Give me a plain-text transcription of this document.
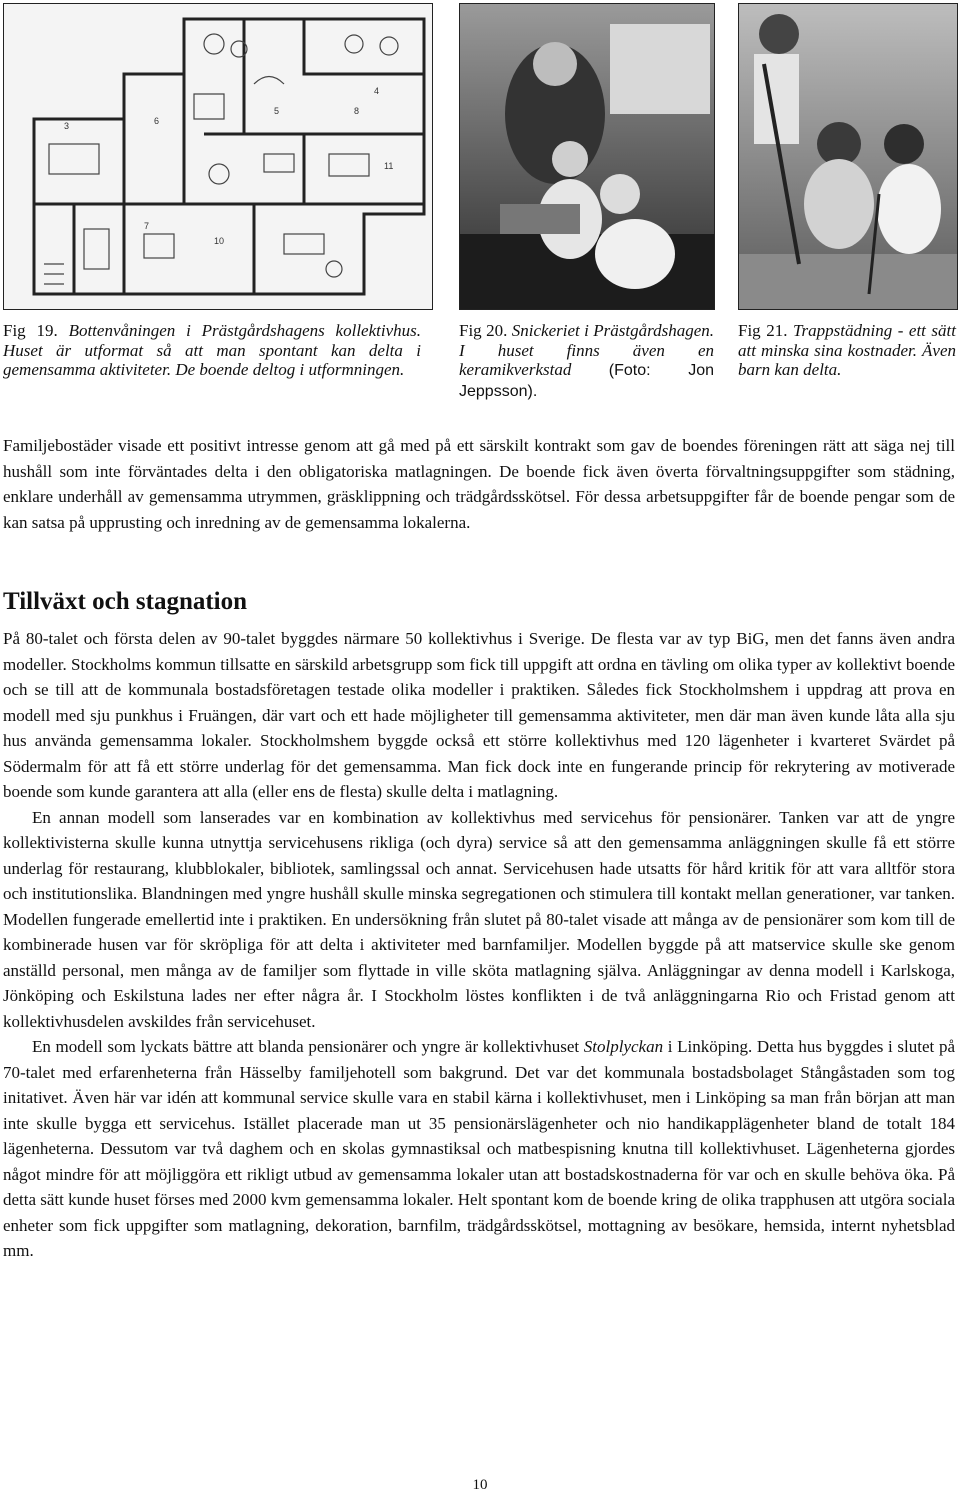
4
11
3	6
7
5	8
10
Fig 19. Bottenvåningen i Prästgårdshagens kollektivhus. Huset är utformat så att man spontant kan delta i gemensamma aktiviteter. De boende deltog i utformningen.
Fig 20. Snickeriet i Prästgårdshagen. I huset finns även en keramikverkstad (Foto: Jon Jeppsson).
Fig 21. Trappstädning - ett sätt att minska sina kostnader. Även barn kan delta.

Familjebostäder visade ett positivt intresse genom att gå med på ett särskilt kontrakt som gav de boendes föreningen rätt att säga nej till hushåll som inte förväntades delta i den obligatoriska matlagningen. De boende fick även överta förvaltningsuppgifter som städning, enklare underhåll av gemensamma utrymmen, gräsklippning och trädgårdsskötsel. För dessa arbetsuppgifter får de boende pengar som de kan satsa på upprusting och inredning av de gemensamma lokalerna.

Tillväxt och stagnation

På 80-talet och första delen av 90-talet byggdes närmare 50 kollektivhus i Sverige. De flesta var av typ BiG, men det fanns även andra modeller. Stockholms kommun tillsatte en särskild arbetsgrupp som fick till uppgift att ordna en tävling om olika typer av kollektivt boende och se till att de kommunala bostadsföretagen testade olika modeller i praktiken. Således fick Stockholmshem i uppdrag att prova en modell med sju punkhus i Fruängen, där vart och ett hade möjligheter till gemensamma aktiviteter, men där man även kunde låta alla sju hus använda gemensamma lokaler. Stockholmshem byggde också ett större kollektivhus med 120 lägenheter i kvarteret Svärdet på Södermalm för att få ett större underlag för det gemensamma. Man fick dock inte en fungerande princip för rekrytering av motiverade boende som kunde garantera att alla (eller ens de flesta) skulle delta i matlagning.

En annan modell som lanserades var en kombination av kollektivhus med servicehus för pensionärer. Tanken var att de yngre kollektivisterna skulle kunna utnyttja servicehusens rikliga (och dyra) service så att den gemensamma anläggningen skulle få ett större underlag för restaurang, klubblokaler, bibliotek, samlingssal och annat. Servicehusen hade utsatts för hård kritik för att vara alltför stora och institutionslika. Blandningen med yngre hushåll skulle minska segregationen och stimulera till kontakt mellan generationer, var tanken. Modellen fungerade emellertid inte i praktiken. En undersökning från slutet på 80-talet visade att många av de pensionärer som kom till de kombinerade husen var för skröpliga för att delta i aktiviteter med barnfamiljer. Modellen byggde på att matservice skulle ske genom anställd personal, men många av de familjer som flyttade in ville sköta matlagning själva. Anläggningar av denna modell i Karlskoga, Jönköping och Eskilstuna lades ner efter några år. I Stockholm löstes konflikten i de två anläggningarna Rio och Fristad genom att kollektivhusdelen avskildes från servicehuset.

En modell som lyckats bättre att blanda pensionärer och yngre är kollektivhuset Stolplyckan i Linköping. Detta hus byggdes i slutet på 70-talet med erfarenheterna från Hässelby familjehotell som bakgrund. Det var det kommunala bostadsbolaget Stångåstaden som tog initativet. Även här var idén att kommunal service skulle vara en stabil kärna i kollektivhuset, men i Linköping sa man från början att man inte skulle bygga ett servicehus. Istället placerade man ut 35 pensionärslägenheter och nio handikapplägenheter bland de totalt 184 lägenheterna. Dessutom var två daghem och en skolas gymnastiksal och matbespisning knutna till kollektivhuset. Lägenheterna gjordes något mindre för att möjliggöra ett rikligt utbud av gemensamma lokaler utan att bostadskostnaderna för var och en skulle behöva öka. På detta sätt kunde huset förses med 2000 kvm gemensamma lokaler. Helt spontant kom de boende kring de olika trapphusen att utgöra sociala enheter som fick uppgifter som matlagning, dekoration, barnfilm, trädgårdsskötsel, mottagning av besökare, hemsida, internt nyhetsblad mm.

10
